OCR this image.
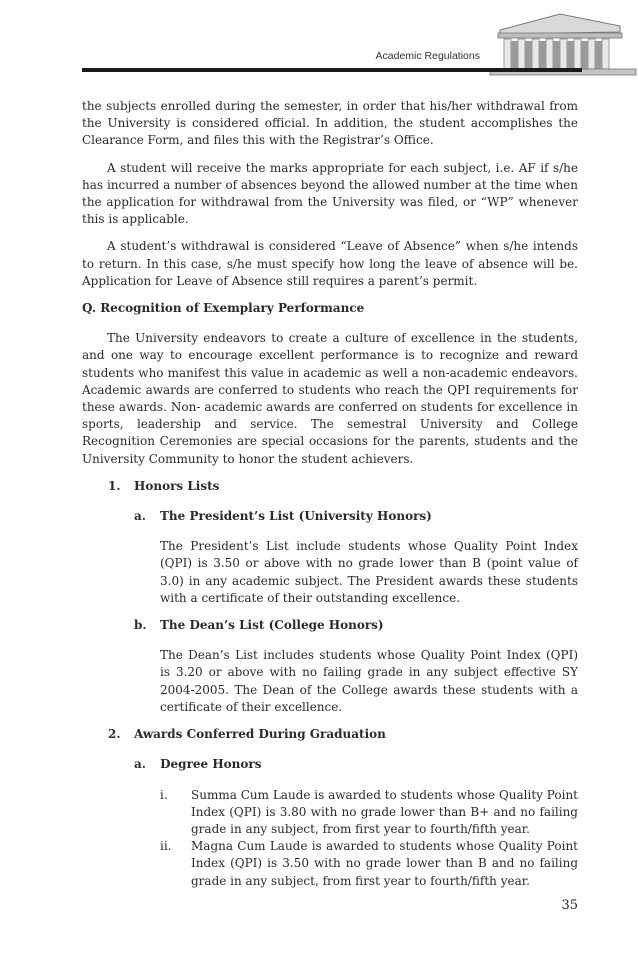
Academic Regulations

the subjects enrolled during the semester, in order that his/her withdrawal from the University is considered official. In addition, the student accomplishes the Clearance Form, and files this with the Registrar’s Office.

A student will receive the marks appropriate for each subject, i.e. AF if s/he has incurred a number of absences beyond the allowed number at the time when the application for withdrawal from the University was filed, or “WP” whenever this is applicable.

A student’s withdrawal is considered “Leave of Absence” when s/he intends to return. In this case, s/he must specify how long the leave of absence will be. Application for Leave of Absence still requires a parent’s permit.

Q. Recognition of Exemplary Performance

The University endeavors to create a culture of excellence in the students, and one way to encourage excellent performance is to recognize and reward students who manifest this value in academic as well a non-academic endeavors. Academic awards are conferred to students who reach the QPI requirements for these awards. Non- academic awards are conferred on students for excellence in sports, leadership and service. The semestral University and College Recognition Ceremonies are special occasions for the parents, students and the University Community to honor the student achievers.

1.	Honors Lists
a.	The President’s List (University Honors)

The President’s List include students whose Quality Point Index (QPI) is 3.50 or above with no grade lower than B (point value of 3.0) in any academic subject. The President awards these students with a certificate of their outstanding excellence.

b.	The Dean’s List (College Honors)

The Dean’s List includes students whose Quality Point Index (QPI) is 3.20 or above with no failing grade in any subject effective SY 2004-2005. The Dean of the College awards these students with a certificate of their excellence.

2.	Awards Conferred During Graduation
a. Degree Honors
i.	Summa Cum Laude is awarded to students whose Quality Point Index (QPI) is 3.80 with no grade lower than B+ and no failing grade in any subject, from first year to fourth/fifth year.
ii.	Magna Cum Laude is awarded to students whose Quality Point Index (QPI) is 3.50 with no grade lower than B and no failing grade in any subject, from first year to fourth/fifth year.
35
